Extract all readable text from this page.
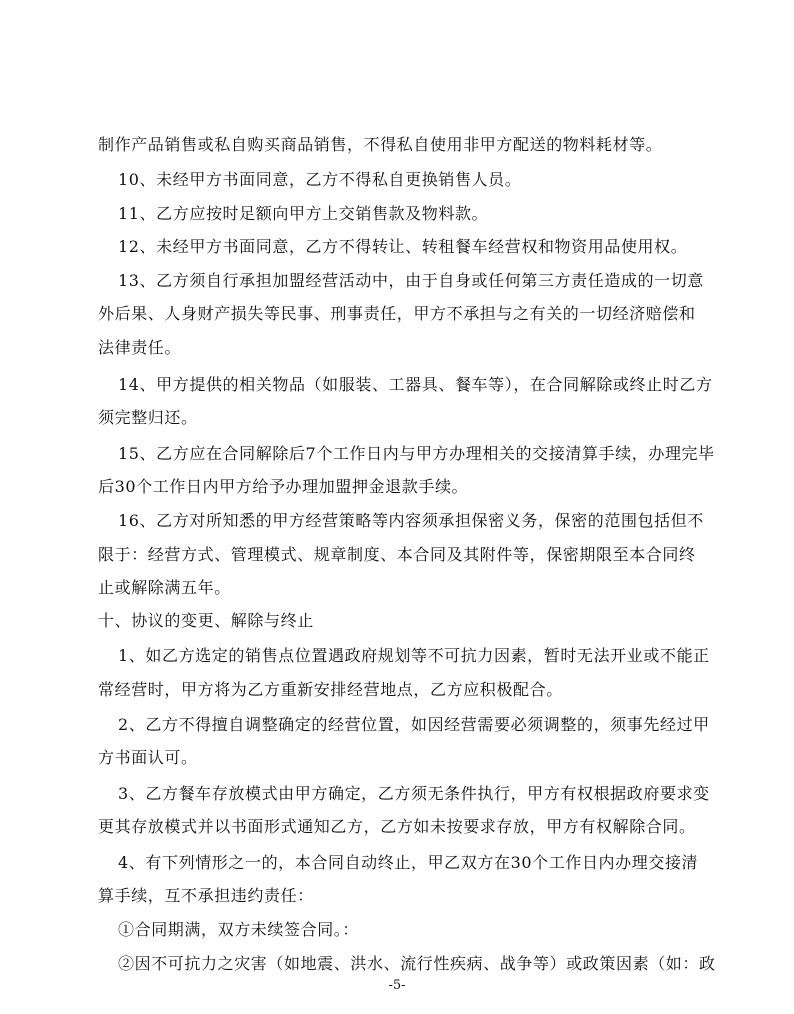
制作产品销售或私自购买商品销售，不得私自使用非甲方配送的物料耗材等。
10、未经甲方书面同意，乙方不得私自更换销售人员。
11、乙方应按时足额向甲方上交销售款及物料款。
12、未经甲方书面同意，乙方不得转让、转租餐车经营权和物资用品使用权。
13、乙方须自行承担加盟经营活动中，由于自身或任何第三方责任造成的一切意
外后果、人身财产损失等民事、刑事责任，甲方不承担与之有关的一切经济赔偿和
法律责任。
14、甲方提供的相关物品（如服装、工器具、餐车等），在合同解除或终止时乙方
须完整归还。
15、乙方应在合同解除后7个工作日内与甲方办理相关的交接清算手续，办理完毕
后30个工作日内甲方给予办理加盟押金退款手续。
16、乙方对所知悉的甲方经营策略等内容须承担保密义务，保密的范围包括但不
限于：经营方式、管理模式、规章制度、本合同及其附件等，保密期限至本合同终
止或解除满五年。
十、协议的变更、解除与终止
1、如乙方选定的销售点位置遇政府规划等不可抗力因素，暂时无法开业或不能正
常经营时，甲方将为乙方重新安排经营地点，乙方应积极配合。
2、乙方不得擅自调整确定的经营位置，如因经营需要必须调整的，须事先经过甲
方书面认可。
3、乙方餐车存放模式由甲方确定，乙方须无条件执行，甲方有权根据政府要求变
更其存放模式并以书面形式通知乙方，乙方如未按要求存放，甲方有权解除合同。
4、有下列情形之一的，本合同自动终止，甲乙双方在30个工作日内办理交接清
算手续，互不承担违约责任：
①合同期满，双方未续签合同。：
②因不可抗力之灾害（如地震、洪水、流行性疾病、战争等）或政策因素（如：政
-5-
